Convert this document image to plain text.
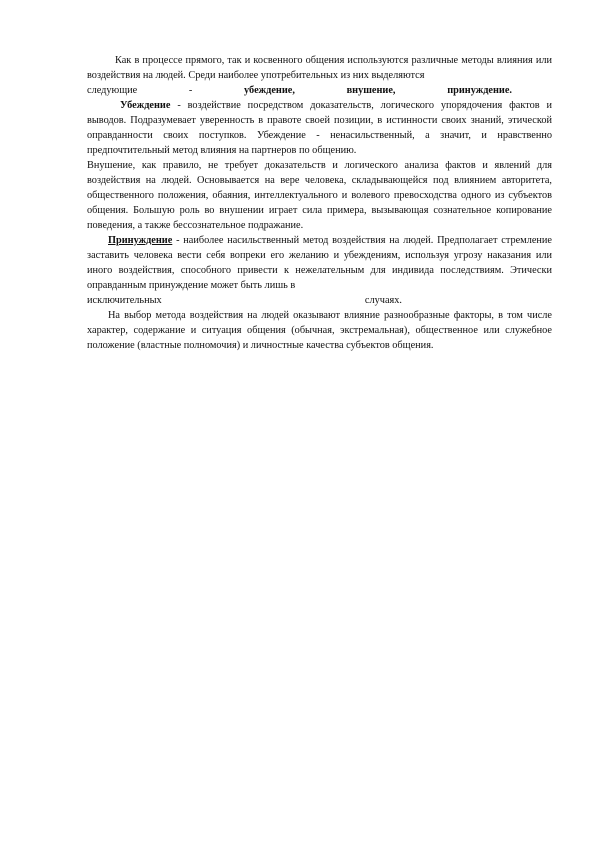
Как в процессе прямого, так и косвенного общения используются различные методы влияния или воздействия на людей. Среди наиболее употребительных из них выделяются

следующие	-	убеждение,	внушение,	принуждение.

Убеждение - воздействие посредством доказательств, логического упорядочения фактов и выводов. Подразумевает уверенность в правоте своей позиции, в истинности своих знаний, этической оправданности своих поступков. Убеждение - ненасильственный, а значит, и нравственно предпочтительный метод влияния на партнеров по общению.

Внушение, как правило, не требует доказательств и логического анализа фактов и явлений для воздействия на людей. Основывается на вере человека, складывающейся под влиянием авторитета, общественного положения, обаяния, интеллектуального и волевого превосходства одного из субъектов общения. Большую роль во внушении играет сила примера, вызывающая сознательное копирование поведения, а также бессознательное подражание.

Принуждение - наиболее насильственный метод воздействия на людей. Предполагает стремление заставить человека вести себя вопреки его желанию и убеждениям, используя угрозу наказания или иного воздействия, способного привести к нежелательным для индивида последствиям. Этически оправданным принуждение может быть лишь в

исключительных	случаях.

На выбор метода воздействия на людей оказывают влияние разнообразные факторы, в том числе характер, содержание и ситуация общения (обычная, экстремальная), общественное или служебное положение (властные полномочия) и личностные качества субъектов общения.
